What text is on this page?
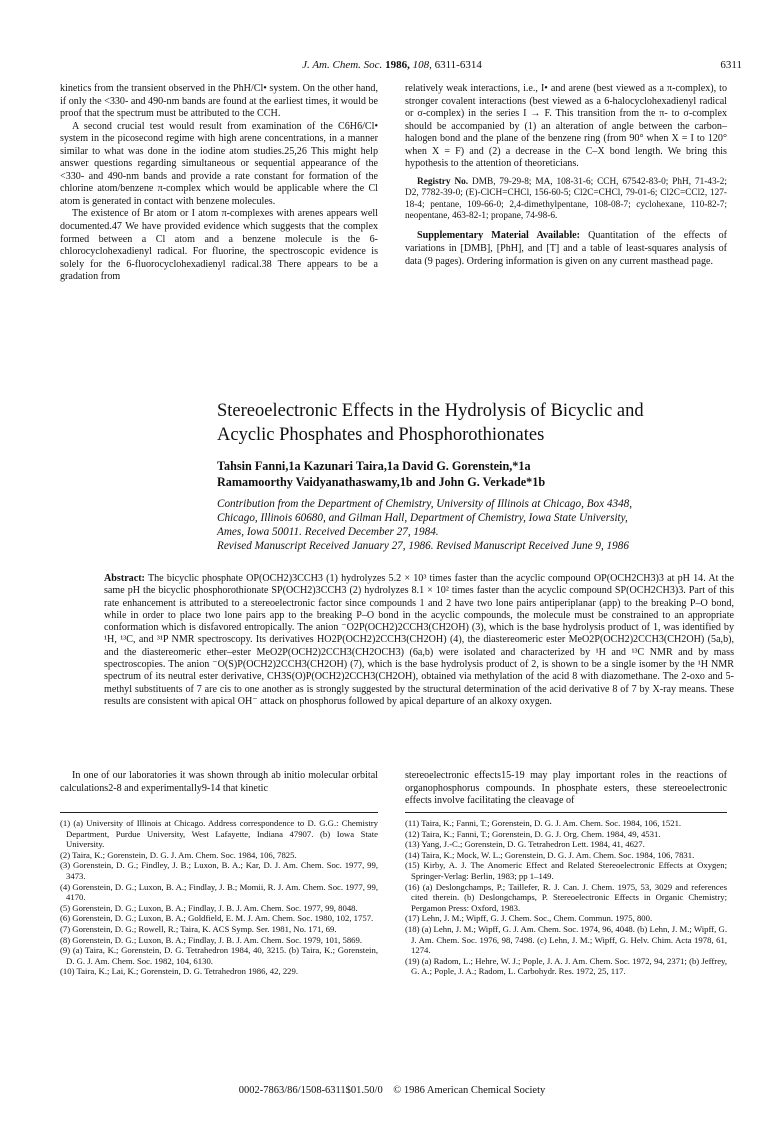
J. Am. Chem. Soc. 1986, 108, 6311-6314	6311

kinetics from the transient observed in the PhH/Cl• system. On the other hand, if only the <330- and 490-nm bands are found at the earliest times, it would be proof that the spectrum must be attributed to the CCH.

A second crucial test would result from examination of the C6H6/Cl• system in the picosecond regime with high arene concentrations, in a manner similar to what was done in the iodine atom studies.25,26 This might help answer questions regarding simultaneous or sequential appearance of the <330- and 490-nm bands and provide a rate constant for formation of the chlorine atom/benzene π-complex which would be applicable where the Cl atom is generated in contact with benzene molecules.

The existence of Br atom or I atom π-complexes with arenes appears well documented.47 We have provided evidence which suggests that the complex formed between a Cl atom and a benzene molecule is the 6-chlorocyclohexadienyl radical. For fluorine, the spectroscopic evidence is solely for the 6-fluorocyclohexadienyl radical.38 There appears to be a gradation from

relatively weak interactions, i.e., I• and arene (best viewed as a π-complex), to stronger covalent interactions (best viewed as a 6-halocyclohexadienyl radical or σ-complex) in the series I → F. This transition from the π- to σ-complex should be accompanied by (1) an alteration of angle between the carbon–halogen bond and the plane of the benzene ring (from 90° when X = I to 120° when X = F) and (2) a decrease in the C–X bond length. We bring this hypothesis to the attention of theoreticians.

Registry No. DMB, 79-29-8; MA, 108-31-6; CCH, 67542-83-0; PhH, 71-43-2; D2, 7782-39-0; (E)-ClCH=CHCl, 156-60-5; Cl2C=CHCl, 79-01-6; Cl2C=CCl2, 127-18-4; pentane, 109-66-0; 2,4-dimethylpentane, 108-08-7; cyclohexane, 110-82-7; neopentane, 463-82-1; propane, 74-98-6.

Supplementary Material Available: Quantitation of the effects of variations in [DMB], [PhH], and [T] and a table of least-squares analysis of data (9 pages). Ordering information is given on any current masthead page.

Stereoelectronic Effects in the Hydrolysis of Bicyclic and
Acyclic Phosphates and Phosphorothionates
Tahsin Fanni,1a Kazunari Taira,1a David G. Gorenstein,*1a
Ramamoorthy Vaidyanathaswamy,1b and John G. Verkade*1b
Contribution from the Department of Chemistry, University of Illinois at Chicago, Box 4348,
Chicago, Illinois 60680, and Gilman Hall, Department of Chemistry, Iowa State University,
Ames, Iowa 50011. Received December 27, 1984.
Revised Manuscript Received January 27, 1986. Revised Manuscript Received June 9, 1986
Abstract: The bicyclic phosphate OP(OCH2)3CCH3 (1) hydrolyzes 5.2 × 10³ times faster than the acyclic compound OP(OCH2CH3)3 at pH 14. At the same pH the bicyclic phosphorothionate SP(OCH2)3CCH3 (2) hydrolyzes 8.1 × 10² times faster than the acyclic compound SP(OCH2CH3)3. Part of this rate enhancement is attributed to a stereoelectronic factor since compounds 1 and 2 have two lone pairs antiperiplanar (app) to the breaking P–O bond, while in order to place two lone pairs app to the breaking P–O bond in the acyclic compounds, the molecule must be constrained to an appropriate conformation which is disfavored entropically. The anion ⁻O2P(OCH2)2CCH3(CH2OH) (3), which is the base hydrolysis product of 1, was identified by ¹H, ¹³C, and ³¹P NMR spectroscopy. Its derivatives HO2P(OCH2)2CCH3(CH2OH) (4), the diastereomeric ester MeO2P(OCH2)2CCH3(CH2OH) (5a,b), and the diastereomeric ether–ester MeO2P(OCH2)2CCH3(CH2OCH3) (6a,b) were isolated and characterized by ¹H and ¹³C NMR and by mass spectroscopies. The anion ⁻O(S)P(OCH2)2CCH3(CH2OH) (7), which is the base hydrolysis product of 2, is shown to be a single isomer by the ¹H NMR spectrum of its neutral ester derivative, CH3S(O)P(OCH2)2CCH3(CH2OH), obtained via methylation of the acid 8 with diazomethane. The 2-oxo and 5-methyl substituents of 7 are cis to one another as is strongly suggested by the structural determination of the acid derivative 8 of 7 by X-ray means. These results are consistent with apical OH⁻ attack on phosphorus followed by apical departure of an alkoxy oxygen.

In one of our laboratories it was shown through ab initio molecular orbital calculations2-8 and experimentally9-14 that kinetic

stereoelectronic effects15-19 may play important roles in the reactions of organophosphorus compounds. In phosphate esters, these stereoelectronic effects involve facilitating the cleavage of

(1) (a) University of Illinois at Chicago. Address correspondence to D. G.G.: Chemistry Department, Purdue University, West Lafayette, Indiana 47907. (b) Iowa State University.
(2) Taira, K.; Gorenstein, D. G. J. Am. Chem. Soc. 1984, 106, 7825.
(3) Gorenstein, D. G.; Findley, J. B.; Luxon, B. A.; Kar, D. J. Am. Chem. Soc. 1977, 99, 3473.
(4) Gorenstein, D. G.; Luxon, B. A.; Findlay, J. B.; Momii, R. J. Am. Chem. Soc. 1977, 99, 4170.
(5) Gorenstein, D. G.; Luxon, B. A.; Findlay, J. B. J. Am. Chem. Soc. 1977, 99, 8048.
(6) Gorenstein, D. G.; Luxon, B. A.; Goldfield, E. M. J. Am. Chem. Soc. 1980, 102, 1757.
(7) Gorenstein, D. G.; Rowell, R.; Taira, K. ACS Symp. Ser. 1981, No. 171, 69.
(8) Gorenstein, D. G.; Luxon, B. A.; Findlay, J. B. J. Am. Chem. Soc. 1979, 101, 5869.
(9) (a) Taira, K.; Gorenstein, D. G. Tetrahedron 1984, 40, 3215. (b) Taira, K.; Gorenstein, D. G. J. Am. Chem. Soc. 1982, 104, 6130.
(10) Taira, K.; Lai, K.; Gorenstein, D. G. Tetrahedron 1986, 42, 229.
(11) Taira, K.; Fanni, T.; Gorenstein, D. G. J. Am. Chem. Soc. 1984, 106, 1521.
(12) Taira, K.; Fanni, T.; Gorenstein, D. G. J. Org. Chem. 1984, 49, 4531.
(13) Yang, J.-C.; Gorenstein, D. G. Tetrahedron Lett. 1984, 41, 4627.
(14) Taira, K.; Mock, W. L.; Gorenstein, D. G. J. Am. Chem. Soc. 1984, 106, 7831.
(15) Kirby, A. J. The Anomeric Effect and Related Stereoelectronic Effects at Oxygen; Springer-Verlag: Berlin, 1983; pp 1–149.
(16) (a) Deslongchamps, P.; Taillefer, R. J. Can. J. Chem. 1975, 53, 3029 and references cited therein. (b) Deslongchamps, P. Stereoelectronic Effects in Organic Chemistry; Pergamon Press: Oxford, 1983.
(17) Lehn, J. M.; Wipff, G. J. Chem. Soc., Chem. Commun. 1975, 800.
(18) (a) Lehn, J. M.; Wipff, G. J. Am. Chem. Soc. 1974, 96, 4048. (b) Lehn, J. M.; Wipff, G. J. Am. Chem. Soc. 1976, 98, 7498. (c) Lehn, J. M.; Wipff, G. Helv. Chim. Acta 1978, 61, 1274.
(19) (a) Radom, L.; Hehre, W. J.; Pople, J. A. J. Am. Chem. Soc. 1972, 94, 2371; (b) Jeffrey, G. A.; Pople, J. A.; Radom, L. Carbohydr. Res. 1972, 25, 117.
0002-7863/86/1508-6311$01.50/0 © 1986 American Chemical Society
